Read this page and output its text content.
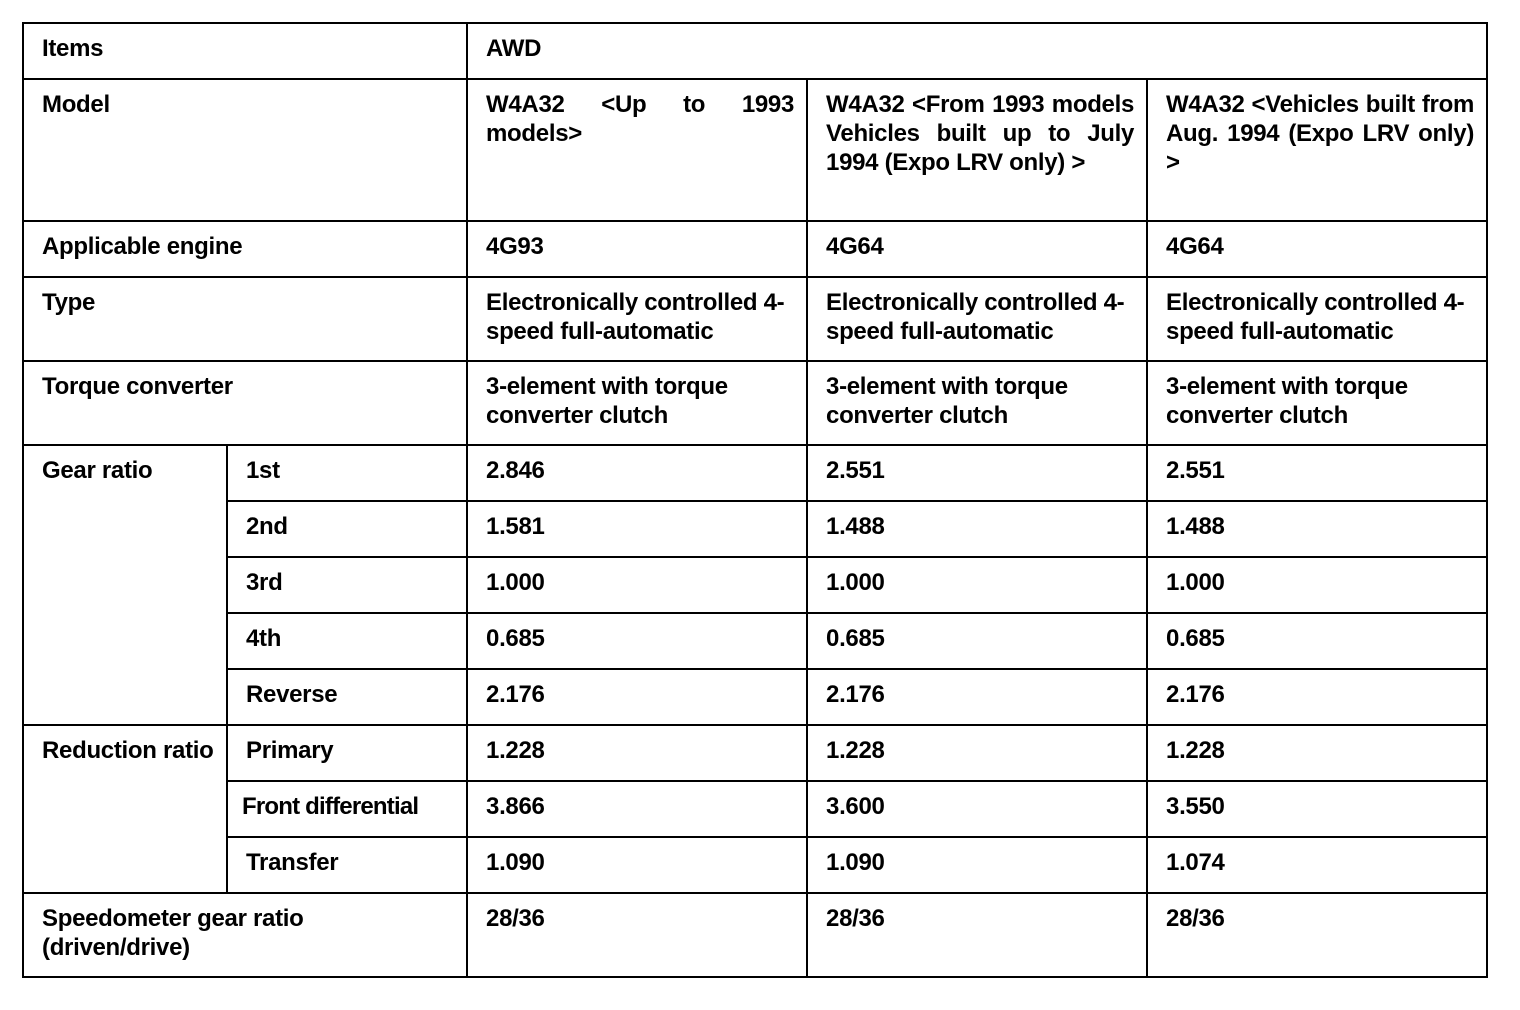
Items		AWD		
Model		W4A32 <Up to 1993 models>	W4A32 <From 1993 models Vehicles built up to July 1994 (Expo LRV only) >	W4A32 <Vehicles built from Aug. 1994 (Expo LRV only) >
Applicable engine		4G93	4G64	4G64
Type		Electronically controlled 4-speed full-automatic	Electronically controlled 4-speed full-automatic	Electronically controlled 4-speed full-automatic
Torque converter		3-element with torque converter clutch	3-element with torque converter clutch	3-element with torque converter clutch
Gear ratio	1st	2.846	2.551	2.551
	2nd	1.581	1.488	1.488
	3rd	1.000	1.000	1.000
	4th	0.685	0.685	0.685
	Reverse	2.176	2.176	2.176
Reduction ratio	Primary	1.228	1.228	1.228
	Front differential	3.866	3.600	3.550
	Transfer	1.090	1.090	1.074
Speedometer gear ratio (driven/drive)		28/36	28/36	28/36
